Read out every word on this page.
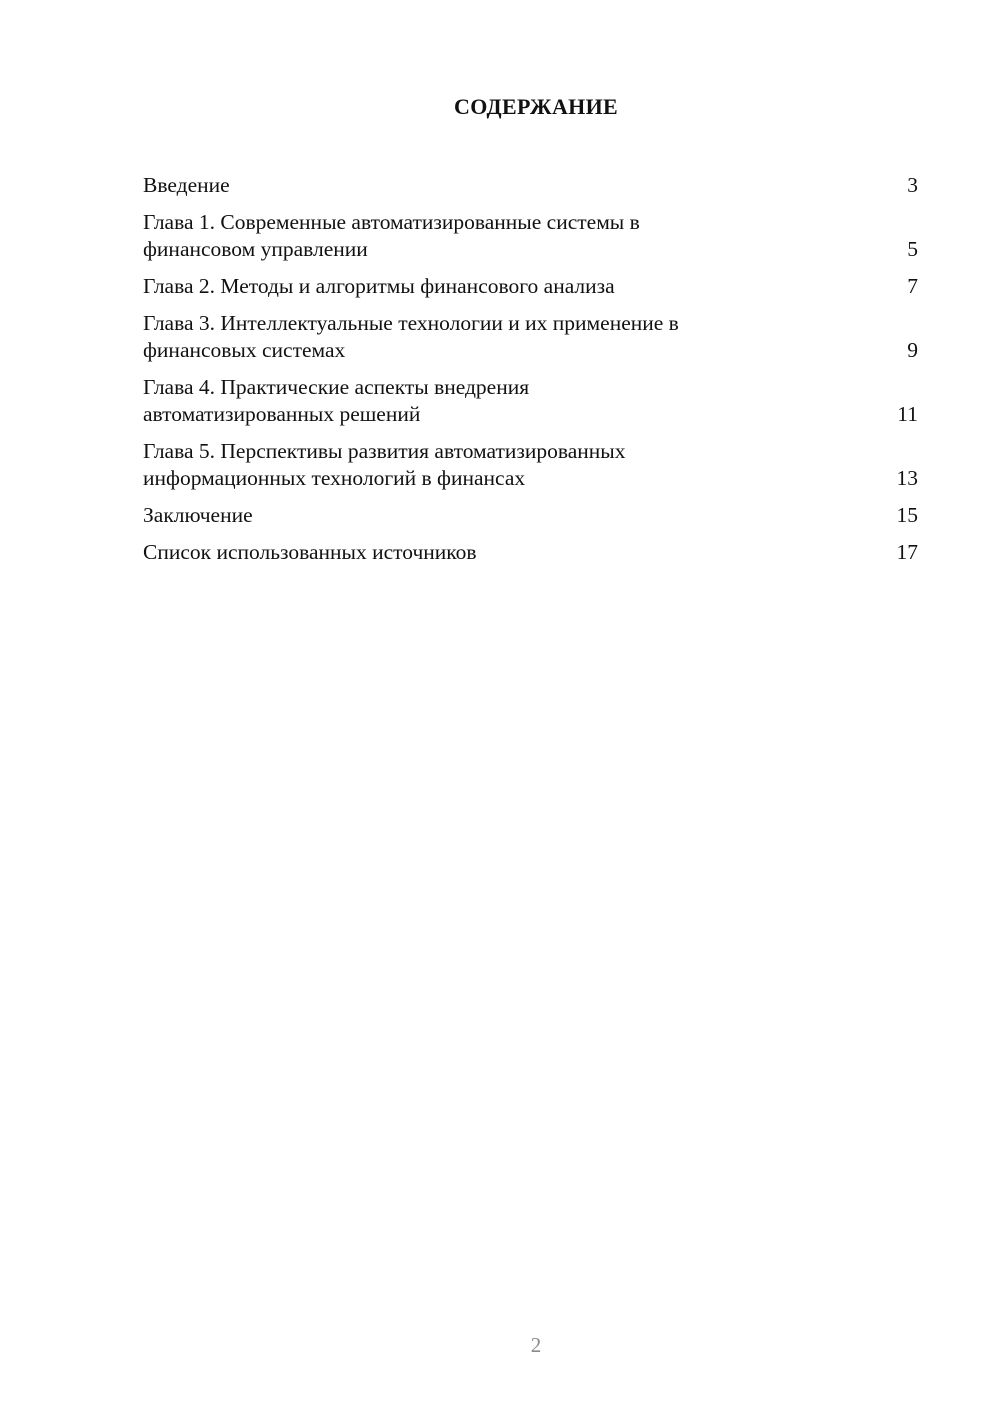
СОДЕРЖАНИЕ
Введение	3
Глава 1. Современные автоматизированные системы в
финансовом управлении	5
Глава 2. Методы и алгоритмы финансового анализа	7
Глава 3. Интеллектуальные технологии и их применение в
финансовых системах	9
Глава 4. Практические аспекты внедрения
автоматизированных решений	11
Глава 5. Перспективы развития автоматизированных
информационных технологий в финансах	13
Заключение	15
Список использованных источников	17
2
